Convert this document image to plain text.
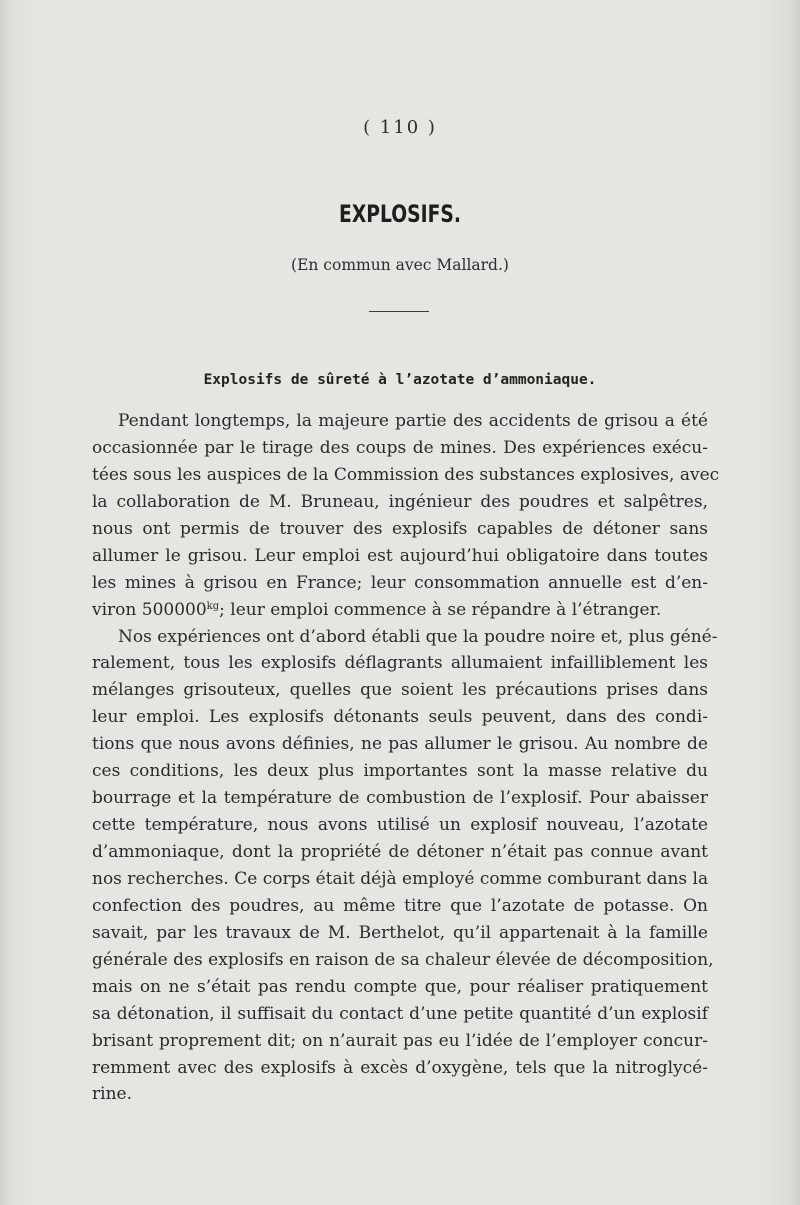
( 110 )
EXPLOSIFS.
(En commun avec Mallard.)
Explosifs de sûreté à l’azotate d’ammoniaque.
Pendant longtemps, la majeure partie des accidents de grisou a été
occasionnée par le tirage des coups de mines. Des expériences exécu-
tées sous les auspices de la Commission des substances explosives, avec
la collaboration de M. Bruneau, ingénieur des poudres et salpêtres,
nous ont permis de trouver des explosifs capables de détoner sans
allumer le grisou. Leur emploi est aujourd’hui obligatoire dans toutes
les mines à grisou en France; leur consommation annuelle est d’en-
viron $500000^{kg}$; leur emploi commence à se répandre à l’étranger.
Nos expériences ont d’abord établi que la poudre noire et, plus géné-
ralement, tous les explosifs déflagrants allumaient infailliblement les
mélanges grisouteux, quelles que soient les précautions prises dans
leur emploi. Les explosifs détonants seuls peuvent, dans des condi-
tions que nous avons définies, ne pas allumer le grisou. Au nombre de
ces conditions, les deux plus importantes sont la masse relative du
bourrage et la température de combustion de l’explosif. Pour abaisser
cette température, nous avons utilisé un explosif nouveau, l’azotate
d’ammoniaque, dont la propriété de détoner n’était pas connue avant
nos recherches. Ce corps était déjà employé comme comburant dans la
confection des poudres, au même titre que l’azotate de potasse. On
savait, par les travaux de M. Berthelot, qu’il appartenait à la famille
générale des explosifs en raison de sa chaleur élevée de décomposition,
mais on ne s’était pas rendu compte que, pour réaliser pratiquement
sa détonation, il suffisait du contact d’une petite quantité d’un explosif
brisant proprement dit; on n’aurait pas eu l’idée de l’employer concur-
remment avec des explosifs à excès d’oxygène, tels que la nitroglycé-
rine.
